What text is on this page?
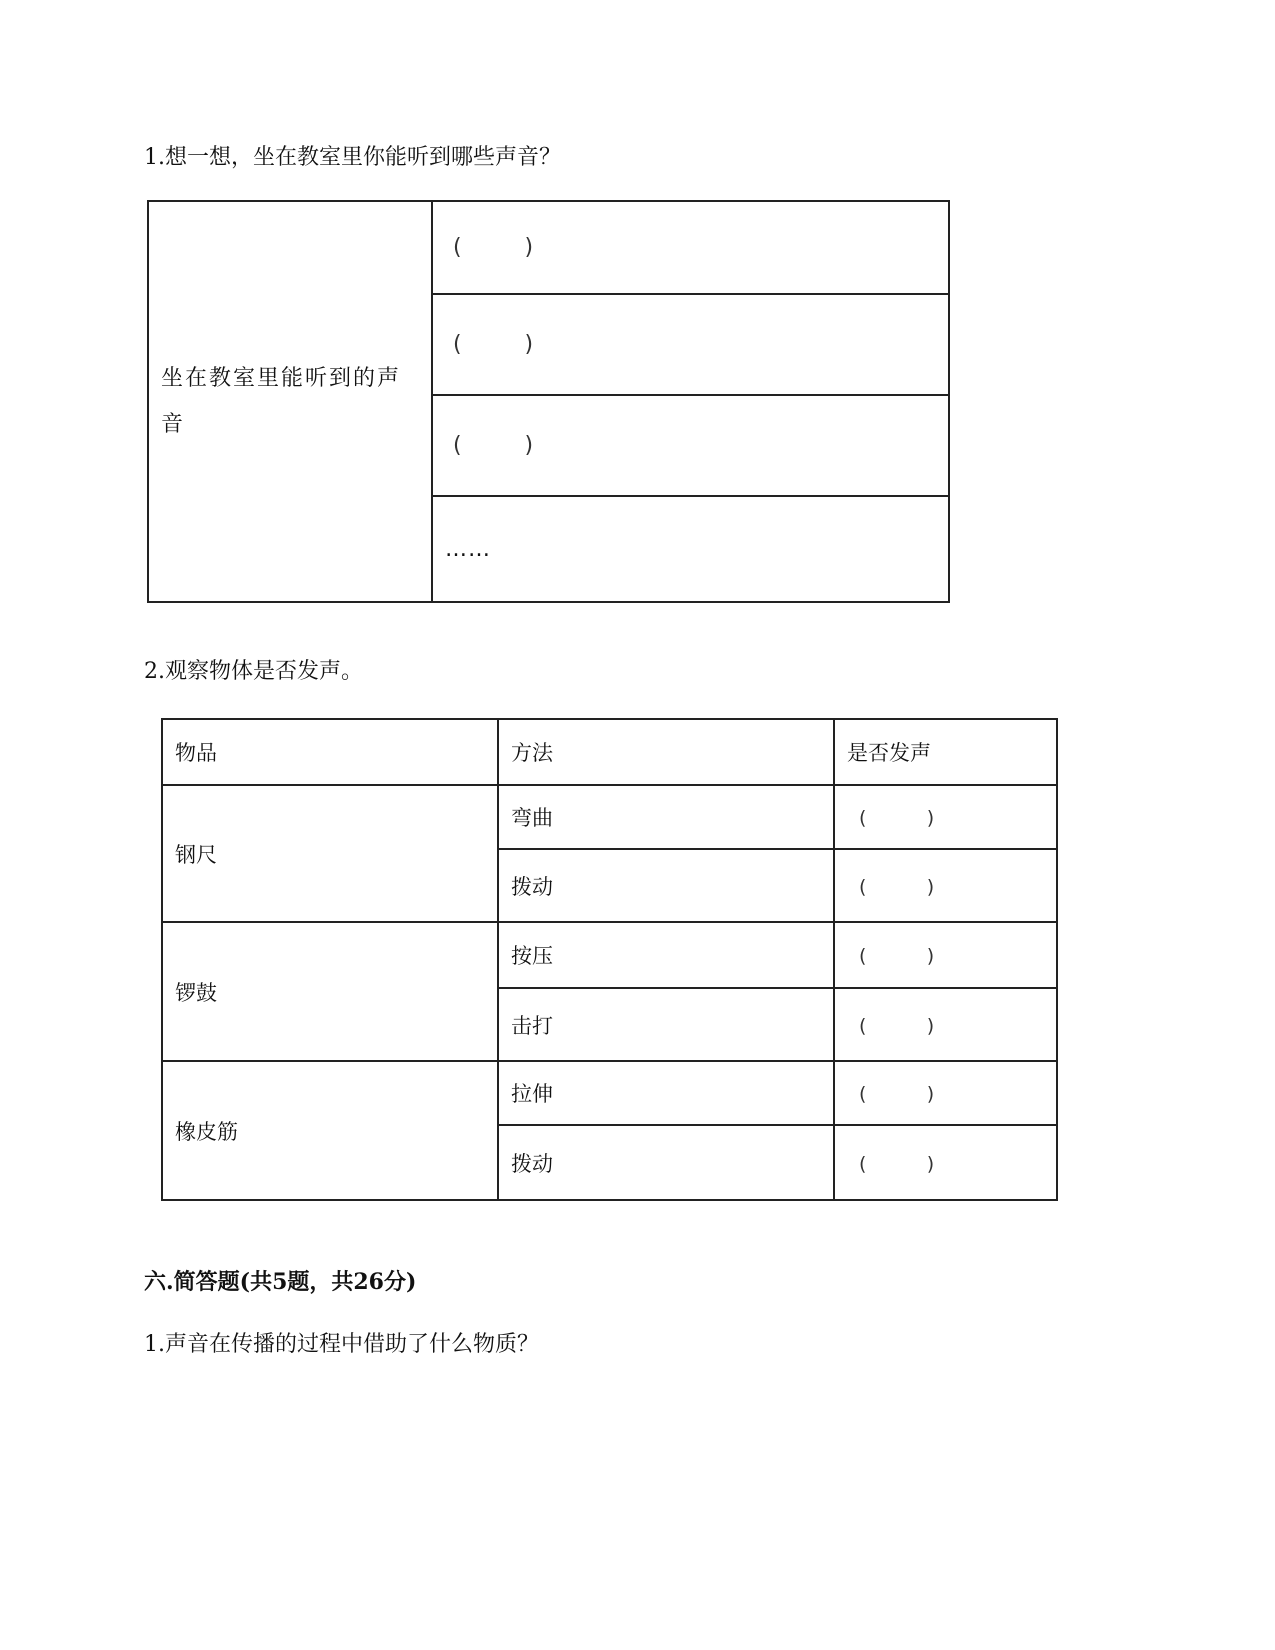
1.想一想，坐在教室里你能听到哪些声音？
坐在教室里能听到的声音	(         )
(         )
(         )
……
2.观察物体是否发声。
物品	方法	是否发声
钢尺	弯曲	(          )
	拨动	(          )
锣鼓	按压	(          )
	击打	(          )
橡皮筋	拉伸	(          )
	拨动	(          )
六.简答题(共5题，共26分)
1.声音在传播的过程中借助了什么物质？
